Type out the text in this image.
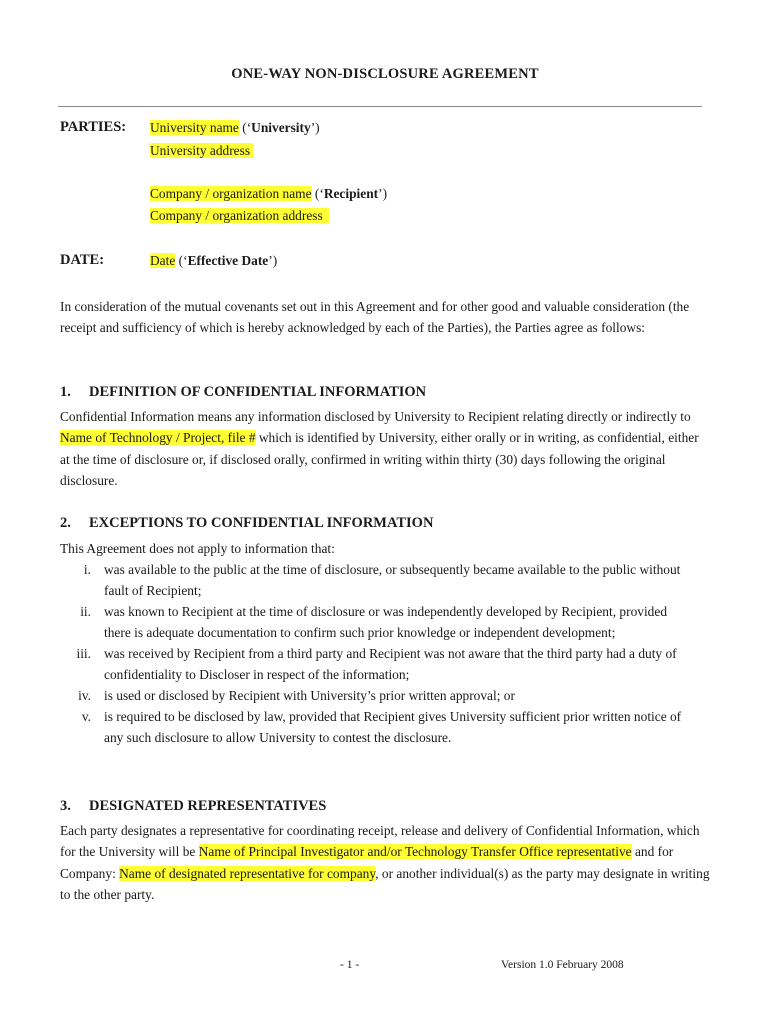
ONE-WAY NON-DISCLOSURE AGREEMENT
PARTIES: University name (‘University’)
University address
Company / organization name (‘Recipient’)
Company / organization address
DATE:	Date (‘Effective Date’)
In consideration of the mutual covenants set out in this Agreement and for other good and valuable consideration (the receipt and sufficiency of which is hereby acknowledged by each of the Parties), the Parties agree as follows:
1. DEFINITION OF CONFIDENTIAL INFORMATION
Confidential Information means any information disclosed by University to Recipient relating directly or indirectly to Name of Technology / Project, file # which is identified by University, either orally or in writing, as confidential, either at the time of disclosure or, if disclosed orally, confirmed in writing within thirty (30) days following the original disclosure.
2. EXCEPTIONS TO CONFIDENTIAL INFORMATION
This Agreement does not apply to information that:
i. was available to the public at the time of disclosure, or subsequently became available to the public without fault of Recipient;
ii. was known to Recipient at the time of disclosure or was independently developed by Recipient, provided there is adequate documentation to confirm such prior knowledge or independent development;
iii. was received by Recipient from a third party and Recipient was not aware that the third party had a duty of confidentiality to Discloser in respect of the information;
iv. is used or disclosed by Recipient with University’s prior written approval; or
v. is required to be disclosed by law, provided that Recipient gives University sufficient prior written notice of any such disclosure to allow University to contest the disclosure.
3. DESIGNATED REPRESENTATIVES
Each party designates a representative for coordinating receipt, release and delivery of Confidential Information, which for the University will be Name of Principal Investigator and/or Technology Transfer Office representative and for Company: Name of designated representative for company, or another individual(s) as the party may designate in writing to the other party.
- 1 -	Version 1.0 February 2008
